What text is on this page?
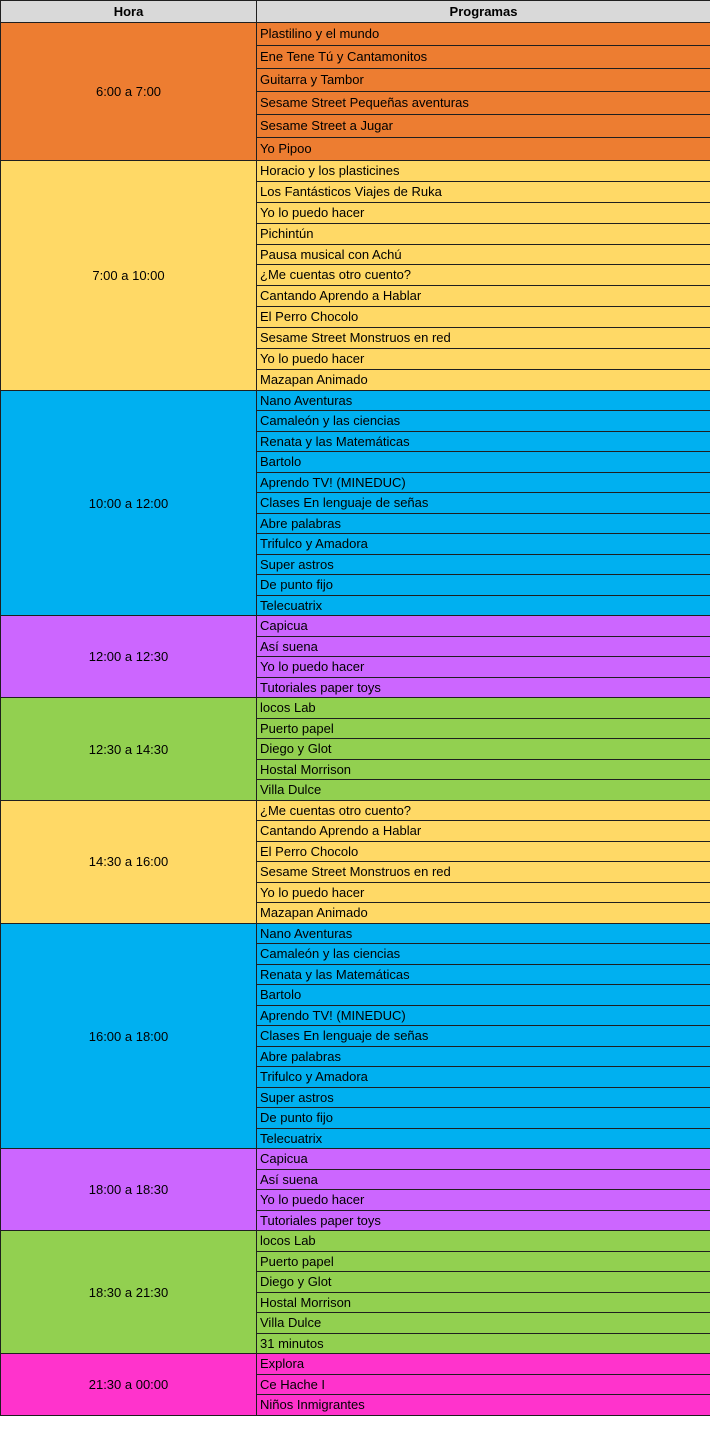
Hora	Programas
6:00 a 7:00	Plastilino y el mundo
	Ene Tene Tú y Cantamonitos
	Guitarra y Tambor
	Sesame Street Pequeñas aventuras
	Sesame Street a Jugar
	Yo Pipoo
7:00 a 10:00	Horacio y los plasticines
	Los Fantásticos Viajes de Ruka
	Yo lo puedo hacer
	Pichintún
	Pausa musical con Achú
	¿Me cuentas otro cuento?
	Cantando Aprendo a Hablar
	El Perro Chocolo
	Sesame Street Monstruos en red
	Yo lo puedo hacer
	Mazapan Animado
10:00 a 12:00	Nano Aventuras
	Camaleón y las ciencias
	Renata y las Matemáticas
	Bartolo
	Aprendo TV! (MINEDUC)
	Clases En lenguaje de señas
	Abre palabras
	Trifulco y Amadora
	Super astros
	De punto fijo
	Telecuatrix
12:00 a 12:30	Capicua
	Así suena
	Yo lo puedo hacer
	Tutoriales paper toys
12:30 a 14:30	locos Lab
	Puerto papel
	Diego y Glot
	Hostal Morrison
	Villa Dulce
14:30 a 16:00	¿Me cuentas otro cuento?
	Cantando Aprendo a Hablar
	El Perro Chocolo
	Sesame Street Monstruos en red
	Yo lo puedo hacer
	Mazapan Animado
16:00 a 18:00	Nano Aventuras
	Camaleón y las ciencias
	Renata y las Matemáticas
	Bartolo
	Aprendo TV! (MINEDUC)
	Clases En lenguaje de señas
	Abre palabras
	Trifulco y Amadora
	Super astros
	De punto fijo
	Telecuatrix
18:00 a 18:30	Capicua
	Así suena
	Yo lo puedo hacer
	Tutoriales paper toys
18:30 a 21:30	locos Lab
	Puerto papel
	Diego y Glot
	Hostal Morrison
	Villa Dulce
	31 minutos
21:30 a 00:00	Explora
	Ce Hache I
	Niños Inmigrantes
